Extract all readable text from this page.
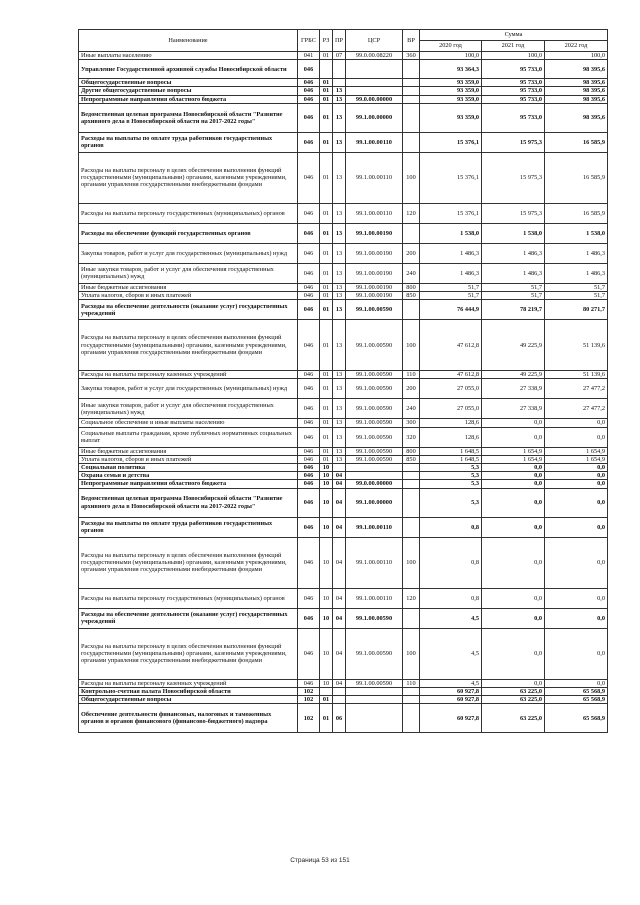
Наименование	ГРБС	РЗ	ПР	ЦСР	ВР	Сумма		
						2020 год	2021 год	2022 год
Иные выплаты населению	041	01	07	99.0.00.08220	360	100,0	100,0	100,0
Управление Государственной архивной службы Новосибирской области	046					93 364,3	95 733,0	98 395,6
Общегосударственные вопросы	046	01				93 359,0	95 733,0	98 395,6
Другие общегосударственные вопросы	046	01	13			93 359,0	95 733,0	98 395,6
Непрограммные направления областного бюджета	046	01	13	99.0.00.00000		93 359,0	95 733,0	98 395,6
Ведомственная целевая программа Новосибирской области "Развитие архивного дела в Новосибирской области на 2017-2022 годы"	046	01	13	99.1.00.00000		93 359,0	95 733,0	98 395,6
Расходы на выплаты по оплате труда работников государственных органов	046	01	13	99.1.00.00110		15 376,1	15 975,3	16 585,9
Расходы на выплаты персоналу в целях обеспечения выполнения функций государственными (муниципальными) органами, казенными учреждениями, органами управления государственными внебюджетными фондами	046	01	13	99.1.00.00110	100	15 376,1	15 975,3	16 585,9
Расходы на выплаты персоналу государственных (муниципальных) органов	046	01	13	99.1.00.00110	120	15 376,1	15 975,3	16 585,9
Расходы на обеспечение функций государственных органов	046	01	13	99.1.00.00190		1 538,0	1 538,0	1 538,0
Закупка товаров, работ и услуг для государственных (муниципальных) нужд	046	01	13	99.1.00.00190	200	1 486,3	1 486,3	1 486,3
Иные закупки товаров, работ и услуг для обеспечения государственных (муниципальных) нужд	046	01	13	99.1.00.00190	240	1 486,3	1 486,3	1 486,3
Иные бюджетные ассигнования	046	01	13	99.1.00.00190	800	51,7	51,7	51,7
Уплата налогов, сборов и иных платежей	046	01	13	99.1.00.00190	850	51,7	51,7	51,7
Расходы на обеспечение деятельности (оказание услуг) государственных учреждений	046	01	13	99.1.00.00590		76 444,9	78 219,7	80 271,7
Расходы на выплаты персоналу в целях обеспечения выполнения функций государственными (муниципальными) органами, казенными учреждениями, органами управления государственными внебюджетными фондами	046	01	13	99.1.00.00590	100	47 612,8	49 225,9	51 139,6
Расходы на выплаты персоналу казенных учреждений	046	01	13	99.1.00.00590	110	47 612,8	49 225,9	51 139,6
Закупка товаров, работ и услуг для государственных (муниципальных) нужд	046	01	13	99.1.00.00590	200	27 055,0	27 338,9	27 477,2
Иные закупки товаров, работ и услуг для обеспечения государственных (муниципальных) нужд	046	01	13	99.1.00.00590	240	27 055,0	27 338,9	27 477,2
Социальное обеспечение и иные выплаты населению	046	01	13	99.1.00.00590	300	128,6	0,0	0,0
Социальные выплаты гражданам, кроме публичных нормативных социальных выплат	046	01	13	99.1.00.00590	320	128,6	0,0	0,0
Иные бюджетные ассигнования	046	01	13	99.1.00.00590	800	1 648,5	1 654,9	1 654,9
Уплата налогов, сборов и иных платежей	046	01	13	99.1.00.00590	850	1 648,5	1 654,9	1 654,9
Социальная политика	046	10				5,3	0,0	0,0
Охрана семьи и детства	046	10	04			5,3	0,0	0,0
Непрограммные направления областного бюджета	046	10	04	99.0.00.00000		5,3	0,0	0,0
Ведомственная целевая программа Новосибирской области "Развитие архивного дела в Новосибирской области на 2017-2022 годы"	046	10	04	99.1.00.00000		5,3	0,0	0,0
Расходы на выплаты по оплате труда работников государственных органов	046	10	04	99.1.00.00110		0,8	0,0	0,0
Расходы на выплаты персоналу в целях обеспечения выполнения функций государственными (муниципальными) органами, казенными учреждениями, органами управления государственными внебюджетными фондами	046	10	04	99.1.00.00110	100	0,8	0,0	0,0
Расходы на выплаты персоналу государственных (муниципальных) органов	046	10	04	99.1.00.00110	120	0,8	0,0	0,0
Расходы на обеспечение деятельности (оказание услуг) государственных учреждений	046	10	04	99.1.00.00590		4,5	0,0	0,0
Расходы на выплаты персоналу в целях обеспечения выполнения функций государственными (муниципальными) органами, казенными учреждениями, органами управления государственными внебюджетными фондами	046	10	04	99.1.00.00590	100	4,5	0,0	0,0
Расходы на выплаты персоналу казенных учреждений	046	10	04	99.1.00.00590	110	4,5	0,0	0,0
Контрольно-счетная палата Новосибирской области	102					60 927,8	63 225,0	65 568,9
Общегосударственные вопросы	102	01				60 927,8	63 225,0	65 568,9
Обеспечение деятельности финансовых, налоговых и таможенных органов и органов финансового (финансово-бюджетного) надзора	102	01	06			60 927,8	63 225,0	65 568,9
Страница 53 из 151
